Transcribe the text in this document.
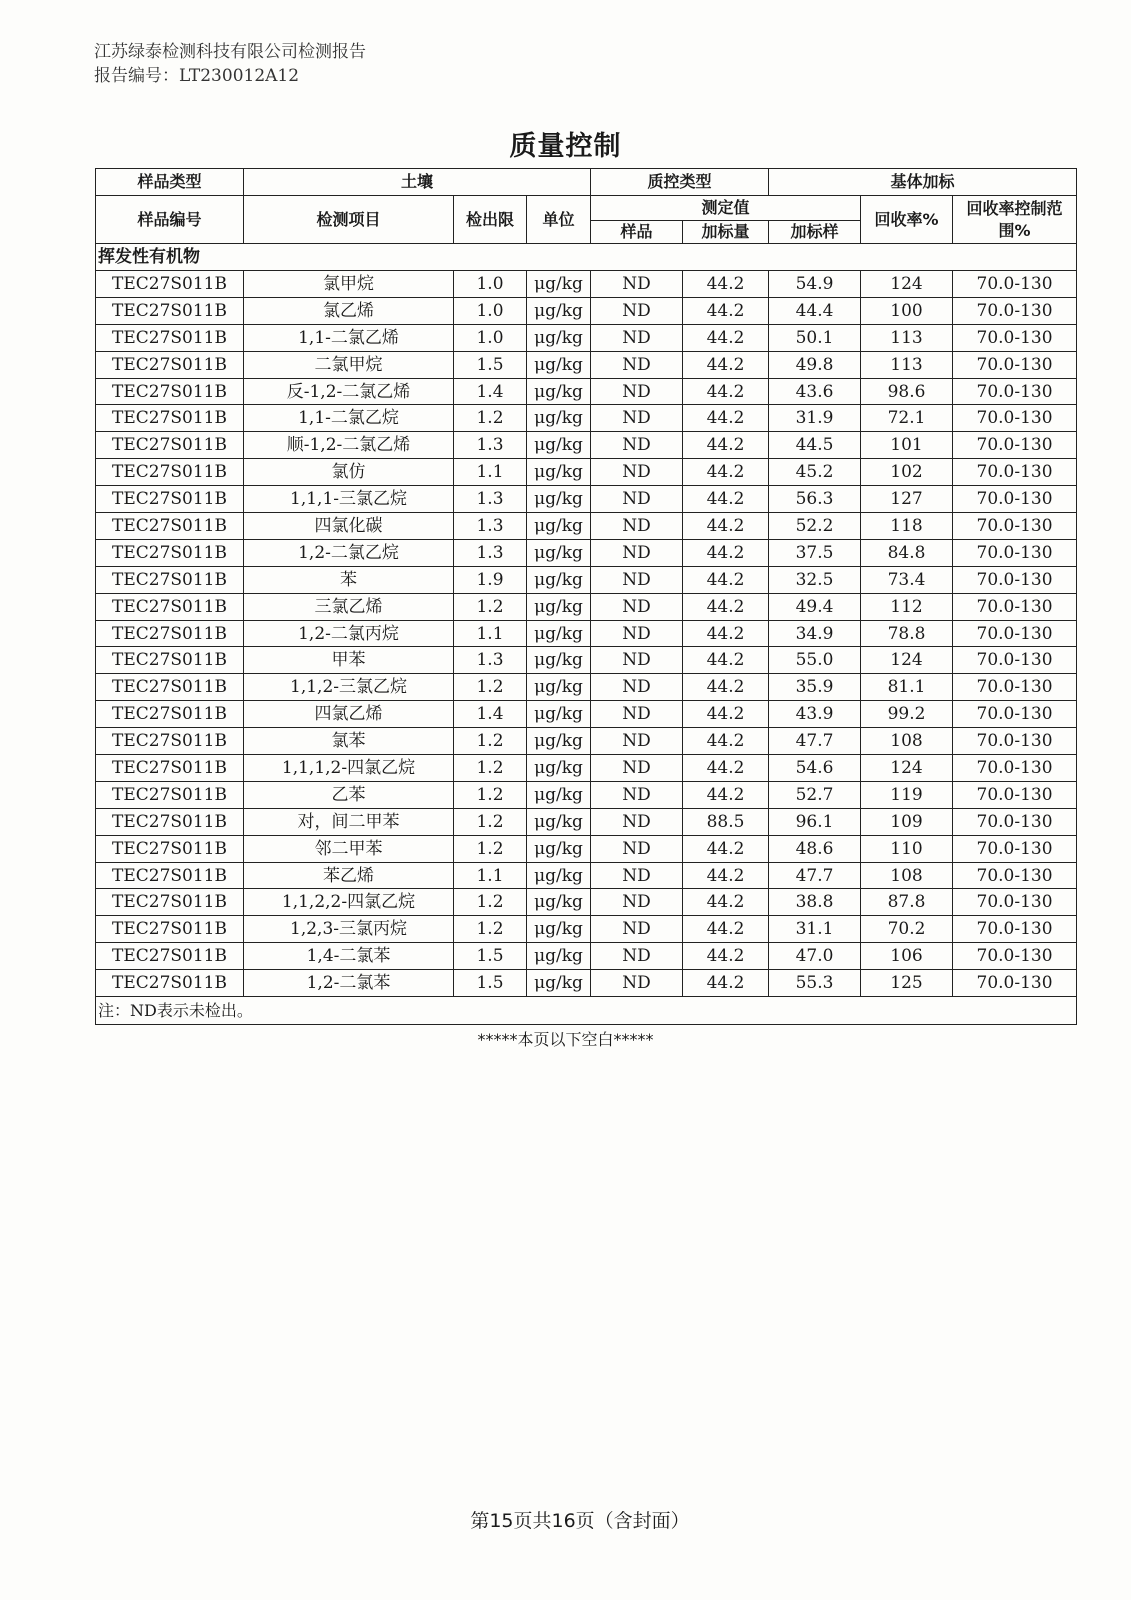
江苏绿泰检测科技有限公司检测报告
报告编号：LT230012A12
质量控制
样品类型	土壤			质控类型		基体加标		
样品编号	检测项目	检出限	单位	测定值			回收率%	回收率控制范围%
				样品	加标量	加标样		
挥发性有机物								
TEC27S011B	氯甲烷	1.0	μg/kg	ND	44.2	54.9	124	70.0-130
TEC27S011B	氯乙烯	1.0	μg/kg	ND	44.2	44.4	100	70.0-130
TEC27S011B	1,1-二氯乙烯	1.0	μg/kg	ND	44.2	50.1	113	70.0-130
TEC27S011B	二氯甲烷	1.5	μg/kg	ND	44.2	49.8	113	70.0-130
TEC27S011B	反-1,2-二氯乙烯	1.4	μg/kg	ND	44.2	43.6	98.6	70.0-130
TEC27S011B	1,1-二氯乙烷	1.2	μg/kg	ND	44.2	31.9	72.1	70.0-130
TEC27S011B	顺-1,2-二氯乙烯	1.3	μg/kg	ND	44.2	44.5	101	70.0-130
TEC27S011B	氯仿	1.1	μg/kg	ND	44.2	45.2	102	70.0-130
TEC27S011B	1,1,1-三氯乙烷	1.3	μg/kg	ND	44.2	56.3	127	70.0-130
TEC27S011B	四氯化碳	1.3	μg/kg	ND	44.2	52.2	118	70.0-130
TEC27S011B	1,2-二氯乙烷	1.3	μg/kg	ND	44.2	37.5	84.8	70.0-130
TEC27S011B	苯	1.9	μg/kg	ND	44.2	32.5	73.4	70.0-130
TEC27S011B	三氯乙烯	1.2	μg/kg	ND	44.2	49.4	112	70.0-130
TEC27S011B	1,2-二氯丙烷	1.1	μg/kg	ND	44.2	34.9	78.8	70.0-130
TEC27S011B	甲苯	1.3	μg/kg	ND	44.2	55.0	124	70.0-130
TEC27S011B	1,1,2-三氯乙烷	1.2	μg/kg	ND	44.2	35.9	81.1	70.0-130
TEC27S011B	四氯乙烯	1.4	μg/kg	ND	44.2	43.9	99.2	70.0-130
TEC27S011B	氯苯	1.2	μg/kg	ND	44.2	47.7	108	70.0-130
TEC27S011B	1,1,1,2-四氯乙烷	1.2	μg/kg	ND	44.2	54.6	124	70.0-130
TEC27S011B	乙苯	1.2	μg/kg	ND	44.2	52.7	119	70.0-130
TEC27S011B	对，间二甲苯	1.2	μg/kg	ND	88.5	96.1	109	70.0-130
TEC27S011B	邻二甲苯	1.2	μg/kg	ND	44.2	48.6	110	70.0-130
TEC27S011B	苯乙烯	1.1	μg/kg	ND	44.2	47.7	108	70.0-130
TEC27S011B	1,1,2,2-四氯乙烷	1.2	μg/kg	ND	44.2	38.8	87.8	70.0-130
TEC27S011B	1,2,3-三氯丙烷	1.2	μg/kg	ND	44.2	31.1	70.2	70.0-130
TEC27S011B	1,4-二氯苯	1.5	μg/kg	ND	44.2	47.0	106	70.0-130
TEC27S011B	1,2-二氯苯	1.5	μg/kg	ND	44.2	55.3	125	70.0-130
注：ND表示未检出。								
*****本页以下空白*****
第15页共16页（含封面）
